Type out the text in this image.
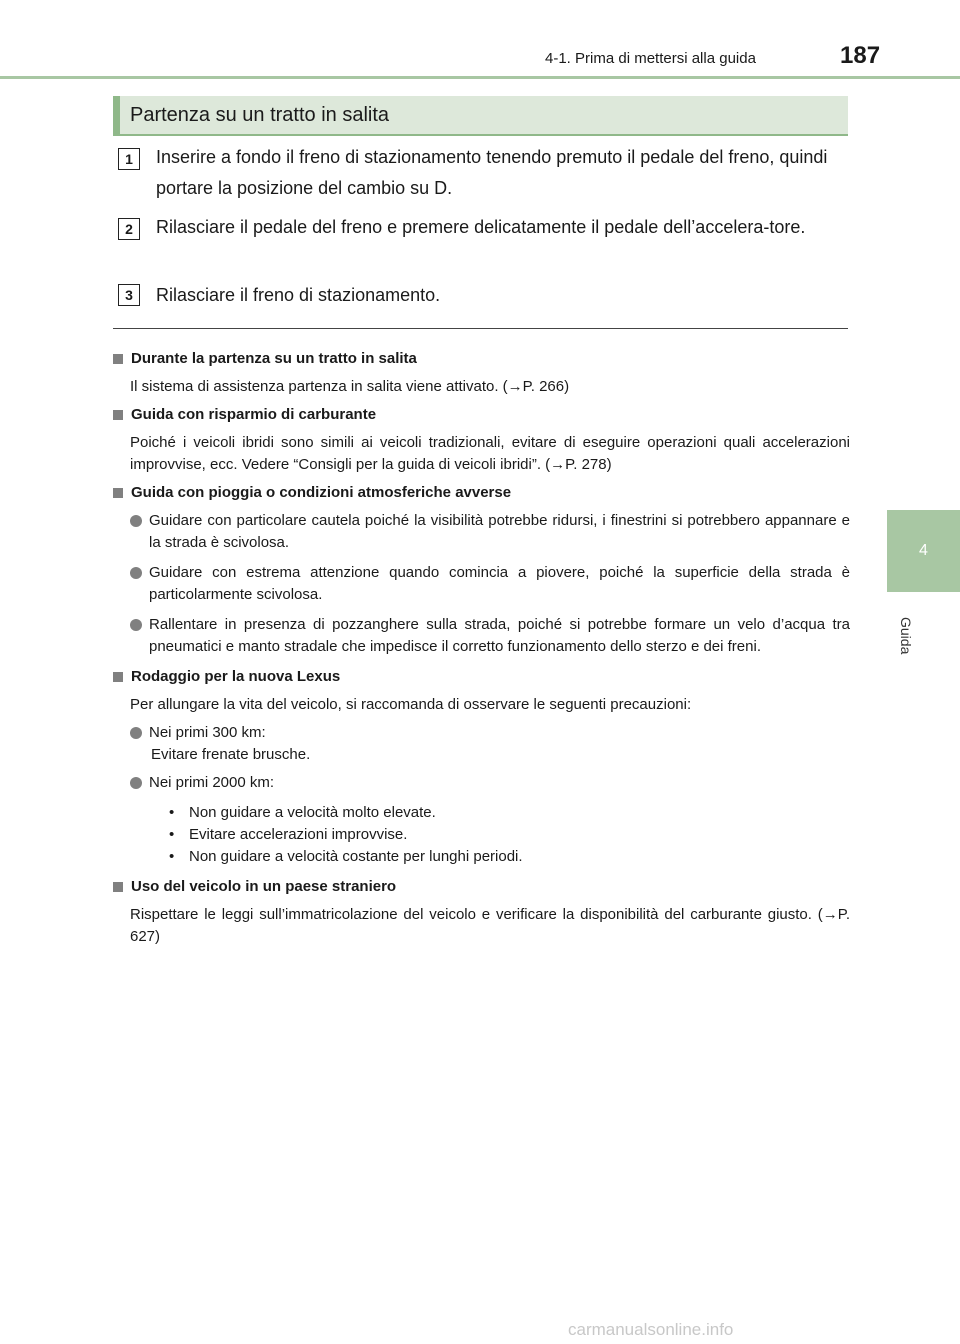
4-1. Prima di mettersi alla guida	187
4
Guida
Partenza su un tratto in salita
1	Inserire a fondo il freno di stazionamento tenendo premuto il pedale del freno, quindi portare la posizione del cambio su D.
2	Rilasciare il pedale del freno e premere delicatamente il pedale dell’accelera-tore.
3	Rilasciare il freno di stazionamento.
Durante la partenza su un tratto in salita
Il sistema di assistenza partenza in salita viene attivato. (→P. 266)
Guida con risparmio di carburante
Poiché i veicoli ibridi sono simili ai veicoli tradizionali, evitare di eseguire operazioni quali accelerazioni improvvise, ecc. Vedere “Consigli per la guida di veicoli ibridi”. (→P. 278)
Guida con pioggia o condizioni atmosferiche avverse
Guidare con particolare cautela poiché la visibilità potrebbe ridursi, i finestrini si potrebbero appannare e la strada è scivolosa.
Guidare con estrema attenzione quando comincia a piovere, poiché la superficie della strada è particolarmente scivolosa.
Rallentare in presenza di pozzanghere sulla strada, poiché si potrebbe formare un velo d’acqua tra pneumatici e manto stradale che impedisce il corretto funzionamento dello sterzo e dei freni.
Rodaggio per la nuova Lexus
Per allungare la vita del veicolo, si raccomanda di osservare le seguenti precauzioni:
Nei primi 300 km:
Evitare frenate brusche.
Nei primi 2000 km:
• Non guidare a velocità molto elevate.
• Evitare accelerazioni improvvise.
• Non guidare a velocità costante per lunghi periodi.
Uso del veicolo in un paese straniero
Rispettare le leggi sull’immatricolazione del veicolo e verificare la disponibilità del carburante giusto. (→P. 627)
carmanualsonline.info
